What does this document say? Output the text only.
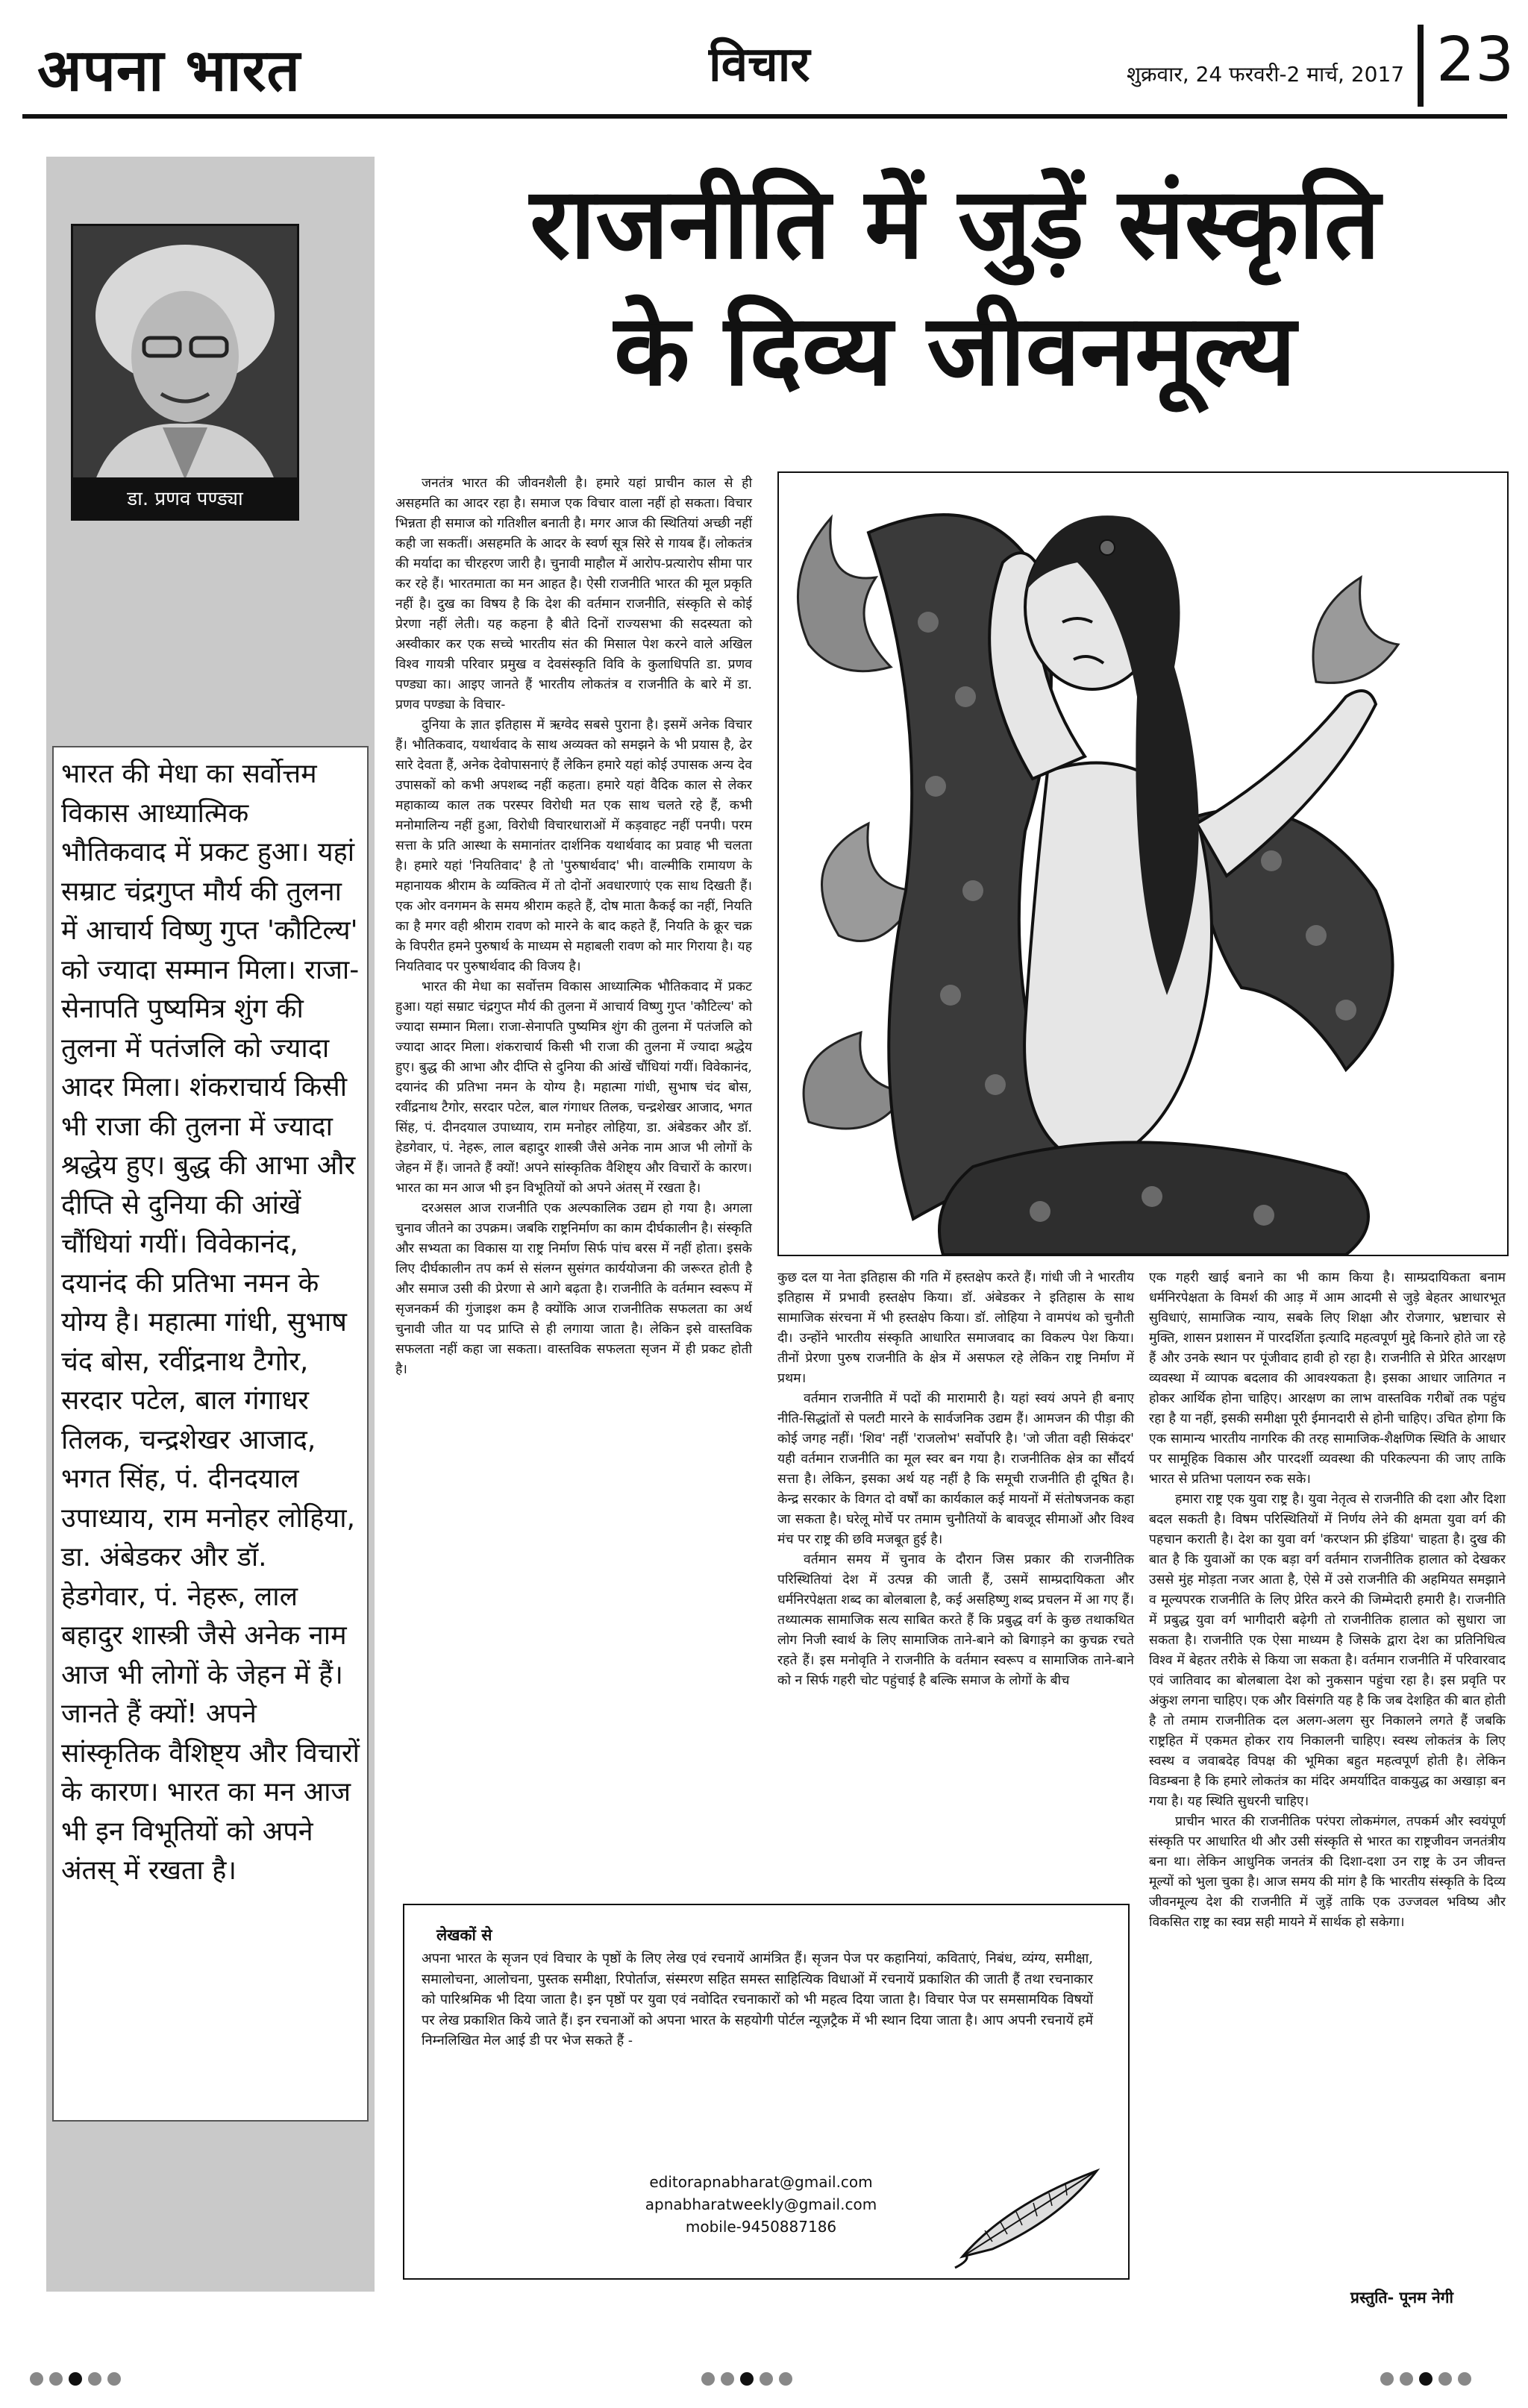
अपना भारत	विचार	शुक्रवार, 24 फरवरी-2 मार्च, 2017 23
डा. प्रणव पण्ड्या
भारत की मेधा का सर्वोत्तम विकास आध्यात्मिक भौतिकवाद में प्रकट हुआ। यहां सम्राट चंद्रगुप्त मौर्य की तुलना में आचार्य विष्णु गुप्त 'कौटिल्य' को ज्यादा सम्मान मिला। राजा-सेनापति पुष्यमित्र शुंग की तुलना में पतंजलि को ज्यादा आदर मिला। शंकराचार्य किसी भी राजा की तुलना में ज्यादा श्रद्धेय हुए। बुद्ध की आभा और दीप्ति से दुनिया की आंखें चौंधियां गयीं। विवेकानंद, दयानंद की प्रतिभा नमन के योग्य है। महात्मा गांधी, सुभाष चंद बोस, रवींद्रनाथ टैगोर, सरदार पटेल, बाल गंगाधर तिलक, चन्द्रशेखर आजाद, भगत सिंह, पं. दीनदयाल उपाध्याय, राम मनोहर लोहिया, डा. अंबेडकर और डॉ. हेडगेवार, पं. नेहरू, लाल बहादुर शास्त्री जैसे अनेक नाम आज भी लोगों के जेहन में हैं। जानते हैं क्यों! अपने सांस्कृतिक वैशिष्ट्य और विचारों के कारण। भारत का मन आज भी इन विभूतियों को अपने अंतस् में रखता है।
राजनीति में जुड़ें संस्कृति
के दिव्य जीवनमूल्य

जनतंत्र भारत की जीवनशैली है। हमारे यहां प्राचीन काल से ही असहमति का आदर रहा है। समाज एक विचार वाला नहीं हो सकता। विचार भिन्नता ही समाज को गतिशील बनाती है। मगर आज की स्थितियां अच्छी नहीं कही जा सकतीं। असहमति के आदर के स्वर्ण सूत्र सिरे से गायब हैं। लोकतंत्र की मर्यादा का चीरहरण जारी है। चुनावी माहौल में आरोप-प्रत्यारोप सीमा पार कर रहे हैं। भारतमाता का मन आहत है। ऐसी राजनीति भारत की मूल प्रकृति नहीं है। दुख का विषय है कि देश की वर्तमान राजनीति, संस्कृति से कोई प्रेरणा नहीं लेती। यह कहना है बीते दिनों राज्यसभा की सदस्यता को अस्वीकार कर एक सच्चे भारतीय संत की मिसाल पेश करने वाले अखिल विश्व गायत्री परिवार प्रमुख व देवसंस्कृति विवि के कुलाधिपति डा. प्रणव पण्ड्या का। आइए जानते हैं भारतीय लोकतंत्र व राजनीति के बारे में डा. प्रणव पण्ड्या के विचार-

दुनिया के ज्ञात इतिहास में ऋग्वेद सबसे पुराना है। इसमें अनेक विचार हैं। भौतिकवाद, यथार्थवाद के साथ अव्यक्त को समझने के भी प्रयास है, ढेर सारे देवता हैं, अनेक देवोपासनाएं हैं लेकिन हमारे यहां कोई उपासक अन्य देव उपासकों को कभी अपशब्द नहीं कहता। हमारे यहां वैदिक काल से लेकर महाकाव्य काल तक परस्पर विरोधी मत एक साथ चलते रहे हैं, कभी मनोमालिन्य नहीं हुआ, विरोधी विचारधाराओं में कड़वाहट नहीं पनपी। परम सत्ता के प्रति आस्था के समानांतर दार्शनिक यथार्थवाद का प्रवाह भी चलता है। हमारे यहां 'नियतिवाद' है तो 'पुरुषार्थवाद' भी। वाल्मीकि रामायण के महानायक श्रीराम के व्यक्तित्व में तो दोनों अवधारणाएं एक साथ दिखती हैं। एक ओर वनगमन के समय श्रीराम कहते हैं, दोष माता कैकई का नहीं, नियति का है मगर वही श्रीराम रावण को मारने के बाद कहते हैं, नियति के क्रूर चक्र के विपरीत हमने पुरुषार्थ के माध्यम से महाबली रावण को मार गिराया है। यह नियतिवाद पर पुरुषार्थवाद की विजय है।

भारत की मेधा का सर्वोत्तम विकास आध्यात्मिक भौतिकवाद में प्रकट हुआ। यहां सम्राट चंद्रगुप्त मौर्य की तुलना में आचार्य विष्णु गुप्त 'कौटिल्य' को ज्यादा सम्मान मिला। राजा-सेनापति पुष्यमित्र शुंग की तुलना में पतंजलि को ज्यादा आदर मिला। शंकराचार्य किसी भी राजा की तुलना में ज्यादा श्रद्धेय हुए। बुद्ध की आभा और दीप्ति से दुनिया की आंखें चौंधियां गयीं। विवेकानंद, दयानंद की प्रतिभा नमन के योग्य है। महात्मा गांधी, सुभाष चंद बोस, रवींद्रनाथ टैगोर, सरदार पटेल, बाल गंगाधर तिलक, चन्द्रशेखर आजाद, भगत सिंह, पं. दीनदयाल उपाध्याय, राम मनोहर लोहिया, डा. अंबेडकर और डॉ. हेडगेवार, पं. नेहरू, लाल बहादुर शास्त्री जैसे अनेक नाम आज भी लोगों के जेहन में हैं। जानते हैं क्यों! अपने सांस्कृतिक वैशिष्ट्य और विचारों के कारण। भारत का मन आज भी इन विभूतियों को अपने अंतस् में रखता है।

दरअसल आज राजनीति एक अल्पकालिक उद्यम हो गया है। अगला चुनाव जीतने का उपक्रम। जबकि राष्ट्रनिर्माण का काम दीर्घकालीन है। संस्कृति और सभ्यता का विकास या राष्ट्र निर्माण सिर्फ पांच बरस में नहीं होता। इसके लिए दीर्घकालीन तप कर्म से संलग्न सुसंगत कार्ययोजना की जरूरत होती है और समाज उसी की प्रेरणा से आगे बढ़ता है। राजनीति के वर्तमान स्वरूप में सृजनकर्म की गुंजाइश कम है क्योंकि आज राजनीतिक सफलता का अर्थ चुनावी जीत या पद प्राप्ति से ही लगाया जाता है। लेकिन इसे वास्तविक सफलता नहीं कहा जा सकता। वास्तविक सफलता सृजन में ही प्रकट होती है।

कुछ दल या नेता इतिहास की गति में हस्तक्षेप करते हैं। गांधी जी ने भारतीय इतिहास में प्रभावी हस्तक्षेप किया। डॉ. अंबेडकर ने इतिहास के साथ सामाजिक संरचना में भी हस्तक्षेप किया। डॉ. लोहिया ने वामपंथ को चुनौती दी। उन्होंने भारतीय संस्कृति आधारित समाजवाद का विकल्प पेश किया। तीनों प्रेरणा पुरुष राजनीति के क्षेत्र में असफल रहे लेकिन राष्ट्र निर्माण में प्रथम।

वर्तमान राजनीति में पदों की मारामारी है। यहां स्वयं अपने ही बनाए नीति-सिद्धांतों से पलटी मारने के सार्वजनिक उद्यम हैं। आमजन की पीड़ा की कोई जगह नहीं। 'शिव' नहीं 'राजलोभ' सर्वोपरि है। 'जो जीता वही सिकंदर' यही वर्तमान राजनीति का मूल स्वर बन गया है। राजनीतिक क्षेत्र का सौंदर्य सत्ता है। लेकिन, इसका अर्थ यह नहीं है कि समूची राजनीति ही दूषित है। केन्द्र सरकार के विगत दो वर्षों का कार्यकाल कई मायनों में संतोषजनक कहा जा सकता है। घरेलू मोर्चे पर तमाम चुनौतियों के बावजूद सीमाओं और विश्व मंच पर राष्ट्र की छवि मजबूत हुई है।

वर्तमान समय में चुनाव के दौरान जिस प्रकार की राजनीतिक परिस्थितियां देश में उत्पन्न की जाती हैं, उसमें साम्प्रदायिकता और धर्मनिरपेक्षता शब्द का बोलबाला है, कई असहिष्णु शब्द प्रचलन में आ गए हैं। तथ्यात्मक सामाजिक सत्य साबित करते हैं कि प्रबुद्ध वर्ग के कुछ तथाकथित लोग निजी स्वार्थ के लिए सामाजिक ताने-बाने को बिगाड़ने का कुचक्र रचते रहते हैं। इस मनोवृति ने राजनीति के वर्तमान स्वरूप व सामाजिक ताने-बाने को न सिर्फ गहरी चोट पहुंचाई है बल्कि समाज के लोगों के बीच

एक गहरी खाई बनाने का भी काम किया है। साम्प्रदायिकता बनाम धर्मनिरपेक्षता के विमर्श की आड़ में आम आदमी से जुड़े बेहतर आधारभूत सुविधाएं, सामाजिक न्याय, सबके लिए शिक्षा और रोजगार, भ्रष्टाचार से मुक्ति, शासन प्रशासन में पारदर्शिता इत्यादि महत्वपूर्ण मुद्दे किनारे होते जा रहे हैं और उनके स्थान पर पूंजीवाद हावी हो रहा है। राजनीति से प्रेरित आरक्षण व्यवस्था में व्यापक बदलाव की आवश्यकता है। इसका आधार जातिगत न होकर आर्थिक होना चाहिए। आरक्षण का लाभ वास्तविक गरीबों तक पहुंच रहा है या नहीं, इसकी समीक्षा पूरी ईमानदारी से होनी चाहिए। उचित होगा कि एक सामान्य भारतीय नागरिक की तरह सामाजिक-शैक्षणिक स्थिति के आधार पर सामूहिक विकास और पारदर्शी व्यवस्था की परिकल्पना की जाए ताकि भारत से प्रतिभा पलायन रुक सके।

हमारा राष्ट्र एक युवा राष्ट्र है। युवा नेतृत्व से राजनीति की दशा और दिशा बदल सकती है। विषम परिस्थितियों में निर्णय लेने की क्षमता युवा वर्ग की पहचान कराती है। देश का युवा वर्ग 'करप्शन फ्री इंडिया' चाहता है। दुख की बात है कि युवाओं का एक बड़ा वर्ग वर्तमान राजनीतिक हालात को देखकर उससे मुंह मोड़ता नजर आता है, ऐसे में उसे राजनीति की अहमियत समझाने व मूल्यपरक राजनीति के लिए प्रेरित करने की जिम्मेदारी हमारी है। राजनीति में प्रबुद्ध युवा वर्ग भागीदारी बढ़ेगी तो राजनीतिक हालात को सुधारा जा सकता है। राजनीति एक ऐसा माध्यम है जिसके द्वारा देश का प्रतिनिधित्व विश्व में बेहतर तरीके से किया जा सकता है। वर्तमान राजनीति में परिवारवाद एवं जातिवाद का बोलबाला देश को नुकसान पहुंचा रहा है। इस प्रवृति पर अंकुश लगना चाहिए। एक और विसंगति यह है कि जब देशहित की बात होती है तो तमाम राजनीतिक दल अलग-अलग सुर निकालने लगते हैं जबकि राष्ट्रहित में एकमत होकर राय निकालनी चाहिए। स्वस्थ लोकतंत्र के लिए स्वस्थ व जवाबदेह विपक्ष की भूमिका बहुत महत्वपूर्ण होती है। लेकिन विडम्बना है कि हमारे लोकतंत्र का मंदिर अमर्यादित वाकयुद्ध का अखाड़ा बन गया है। यह स्थिति सुधरनी चाहिए।

प्राचीन भारत की राजनीतिक परंपरा लोकमंगल, तपकर्म और स्वयंपूर्ण संस्कृति पर आधारित थी और उसी संस्कृति से भारत का राष्ट्रजीवन जनतंत्रीय बना था। लेकिन आधुनिक जनतंत्र की दिशा-दशा उन राष्ट्र के उन जीवन्त मूल्यों को भुला चुका है। आज समय की मांग है कि भारतीय संस्कृति के दिव्य जीवनमूल्य देश की राजनीति में जुड़ें ताकि एक उज्जवल भविष्य और विकसित राष्ट्र का स्वप्न सही मायने में सार्थक हो सकेगा।

लेखकों से
अपना भारत के सृजन एवं विचार के पृष्ठों के लिए लेख एवं रचनायें आमंत्रित हैं। सृजन पेज पर कहानियां, कविताएं, निबंध, व्यंग्य, समीक्षा, समालोचना, आलोचना, पुस्तक समीक्षा, रिपोर्ताज, संस्मरण सहित समस्त साहित्यिक विधाओं में रचनायें प्रकाशित की जाती हैं तथा रचनाकार को पारिश्रमिक भी दिया जाता है। इन पृष्ठों पर युवा एवं नवोदित रचनाकारों को भी महत्व दिया जाता है। विचार पेज पर समसामयिक विषयों पर लेख प्रकाशित किये जाते हैं। इन रचनाओं को अपना भारत के सहयोगी पोर्टल न्यूज़ट्रैक में भी स्थान दिया जाता है। आप अपनी रचनायें हमें निम्नलिखित मेल आई डी पर भेज सकते हैं -
editorapnabharat@gmail.com
apnabharatweekly@gmail.com
mobile-9450887186
प्रस्तुति- पूनम नेगी
